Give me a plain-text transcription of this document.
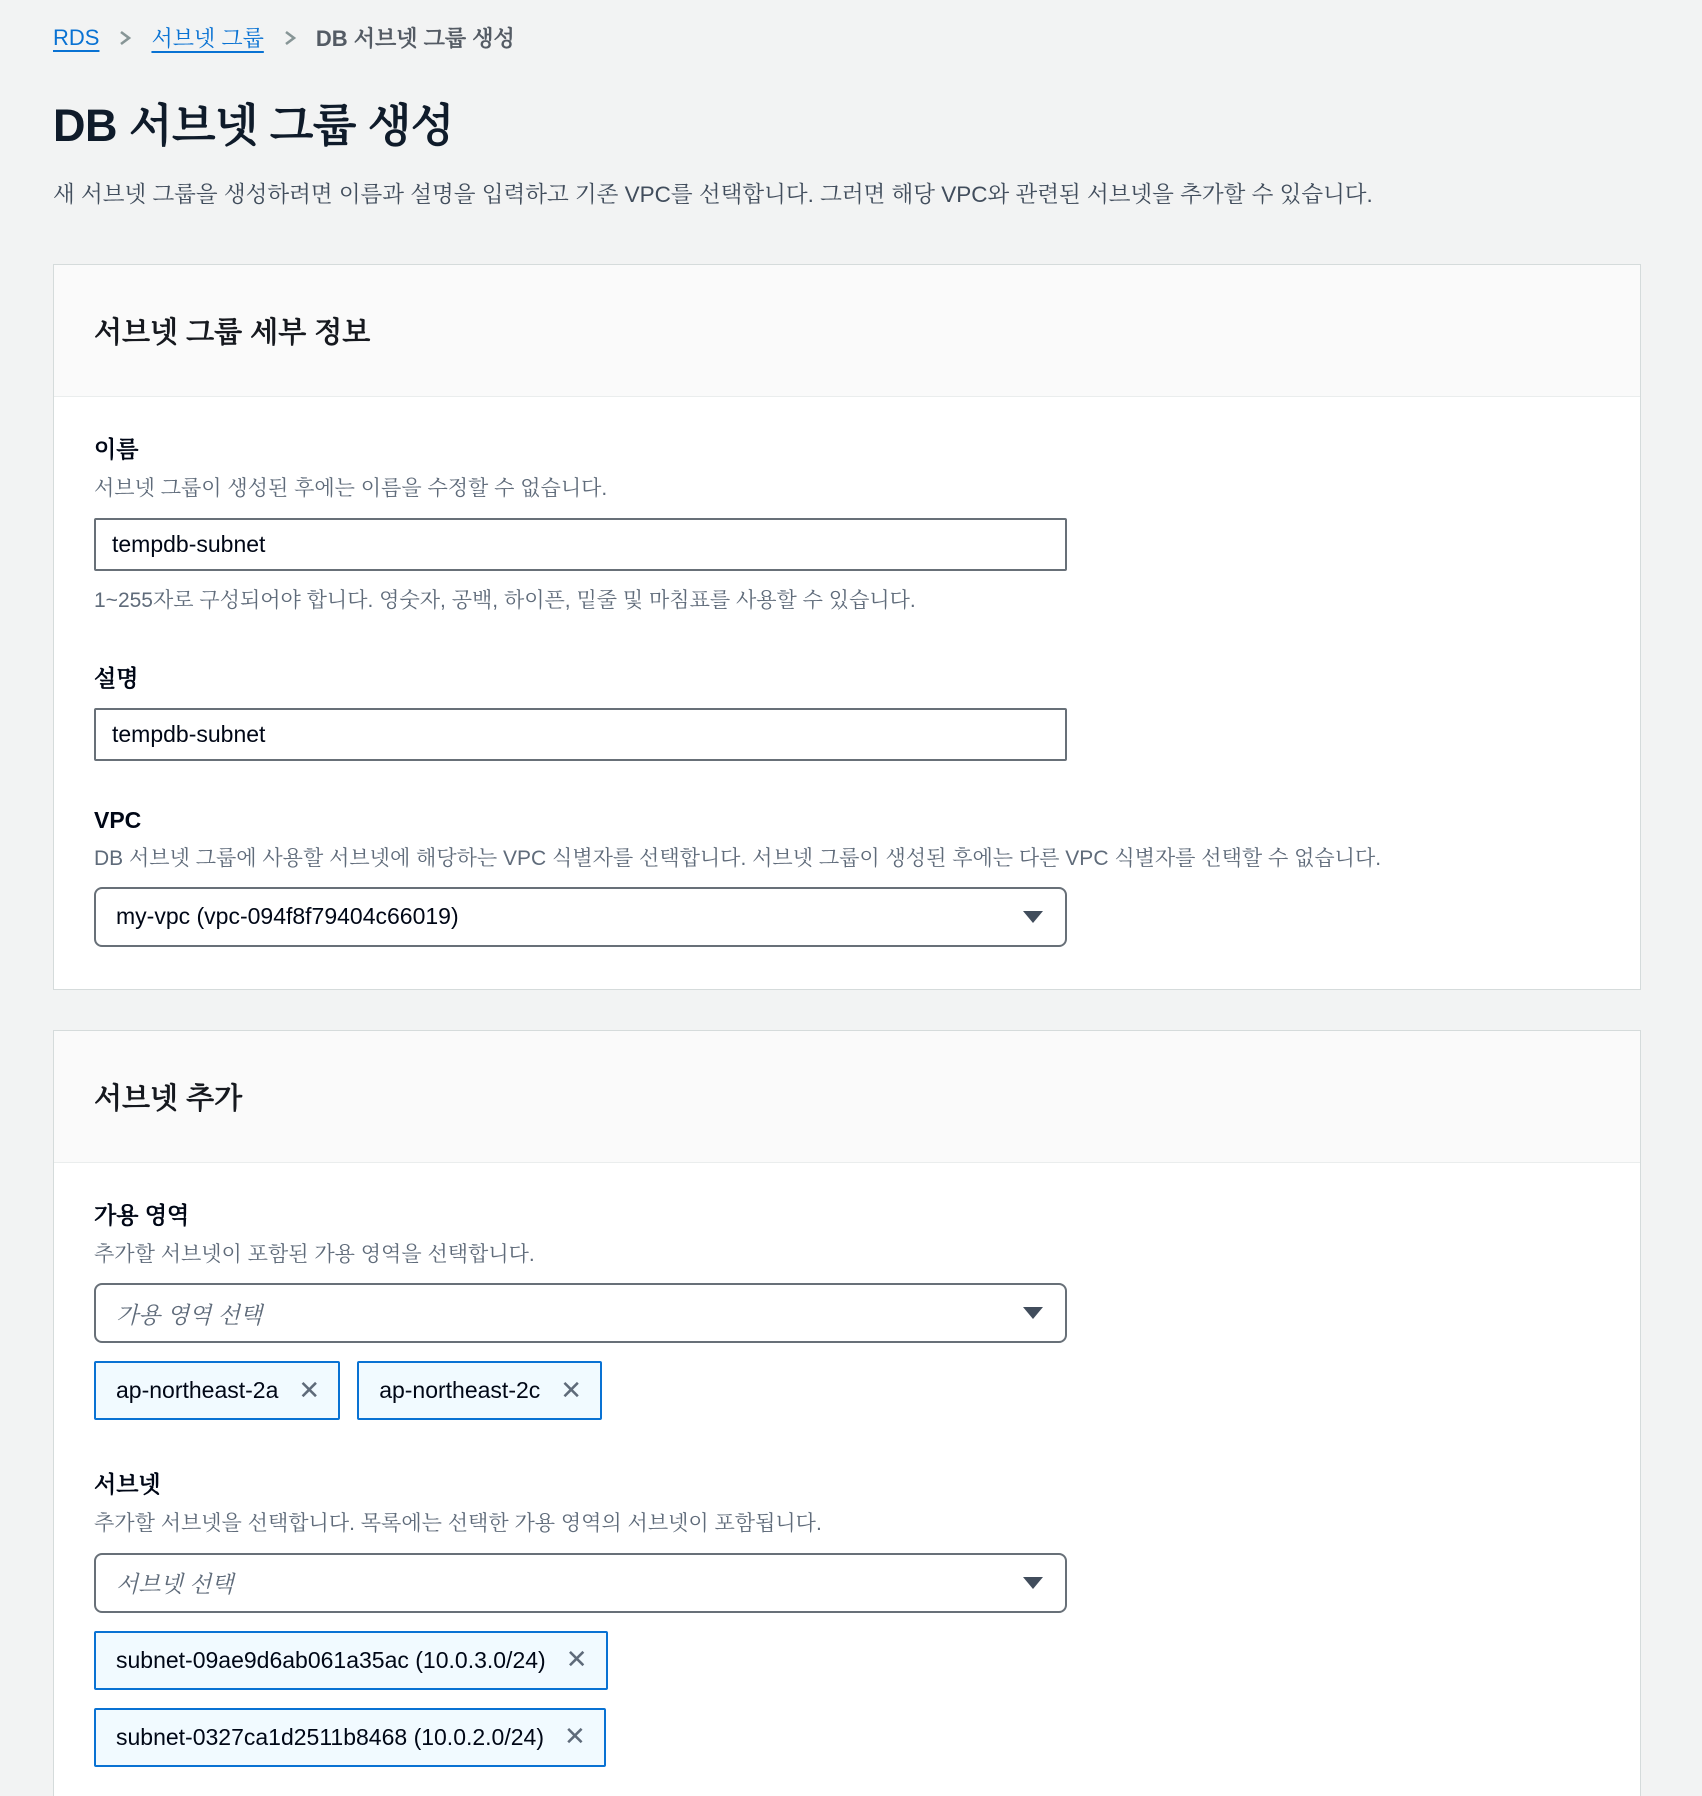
RDS 서브넷 그룹 DB 서브넷 그룹 생성
DB 서브넷 그룹 생성
새 서브넷 그룹을 생성하려면 이름과 설명을 입력하고 기존 VPC를 선택합니다. 그러면 해당 VPC와 관련된 서브넷을 추가할 수 있습니다.
서브넷 그룹 세부 정보
이름
서브넷 그룹이 생성된 후에는 이름을 수정할 수 없습니다.
tempdb-subnet
1~255자로 구성되어야 합니다. 영숫자, 공백, 하이픈, 밑줄 및 마침표를 사용할 수 있습니다.
설명
tempdb-subnet
VPC
DB 서브넷 그룹에 사용할 서브넷에 해당하는 VPC 식별자를 선택합니다. 서브넷 그룹이 생성된 후에는 다른 VPC 식별자를 선택할 수 없습니다.
my-vpc (vpc-094f8f79404c66019)
서브넷 추가
가용 영역
추가할 서브넷이 포함된 가용 영역을 선택합니다.
가용 영역 선택
ap-northeast-2a ✕	ap-northeast-2c ✕
서브넷
추가할 서브넷을 선택합니다. 목록에는 선택한 가용 영역의 서브넷이 포함됩니다.
서브넷 선택
subnet-09ae9d6ab061a35ac (10.0.3.0/24) ✕
subnet-0327ca1d2511b8468 (10.0.2.0/24) ✕
